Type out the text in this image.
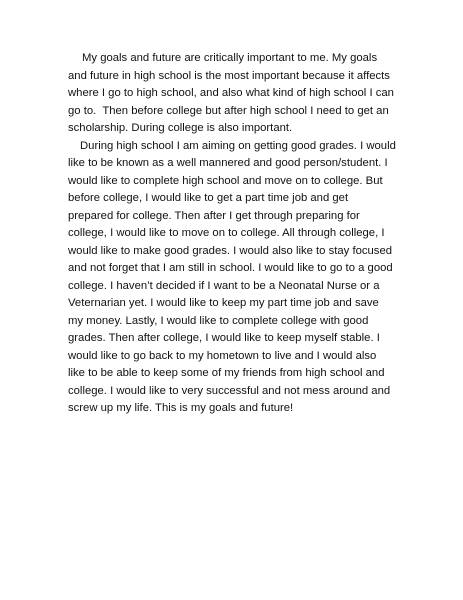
My goals and future are critically important to me. My goals
and future in high school is the most important because it affects
where I go to high school, and also what kind of high school I can
go to.  Then before college but after high school I need to get an
scholarship. During college is also important.

During high school I am aiming on getting good grades. I would
like to be known as a well mannered and good person/student. I
would like to complete high school and move on to college. But
before college, I would like to get a part time job and get
prepared for college. Then after I get through preparing for
college, I would like to move on to college. All through college, I
would like to make good grades. I would also like to stay focused
and not forget that I am still in school. I would like to go to a good
college. I haven’t decided if I want to be a Neonatal Nurse or a
Veternarian yet. I would like to keep my part time job and save
my money. Lastly, I would like to complete college with good
grades. Then after college, I would like to keep myself stable. I
would like to go back to my hometown to live and I would also
like to be able to keep some of my friends from high school and
college. I would like to very successful and not mess around and
screw up my life. This is my goals and future!
